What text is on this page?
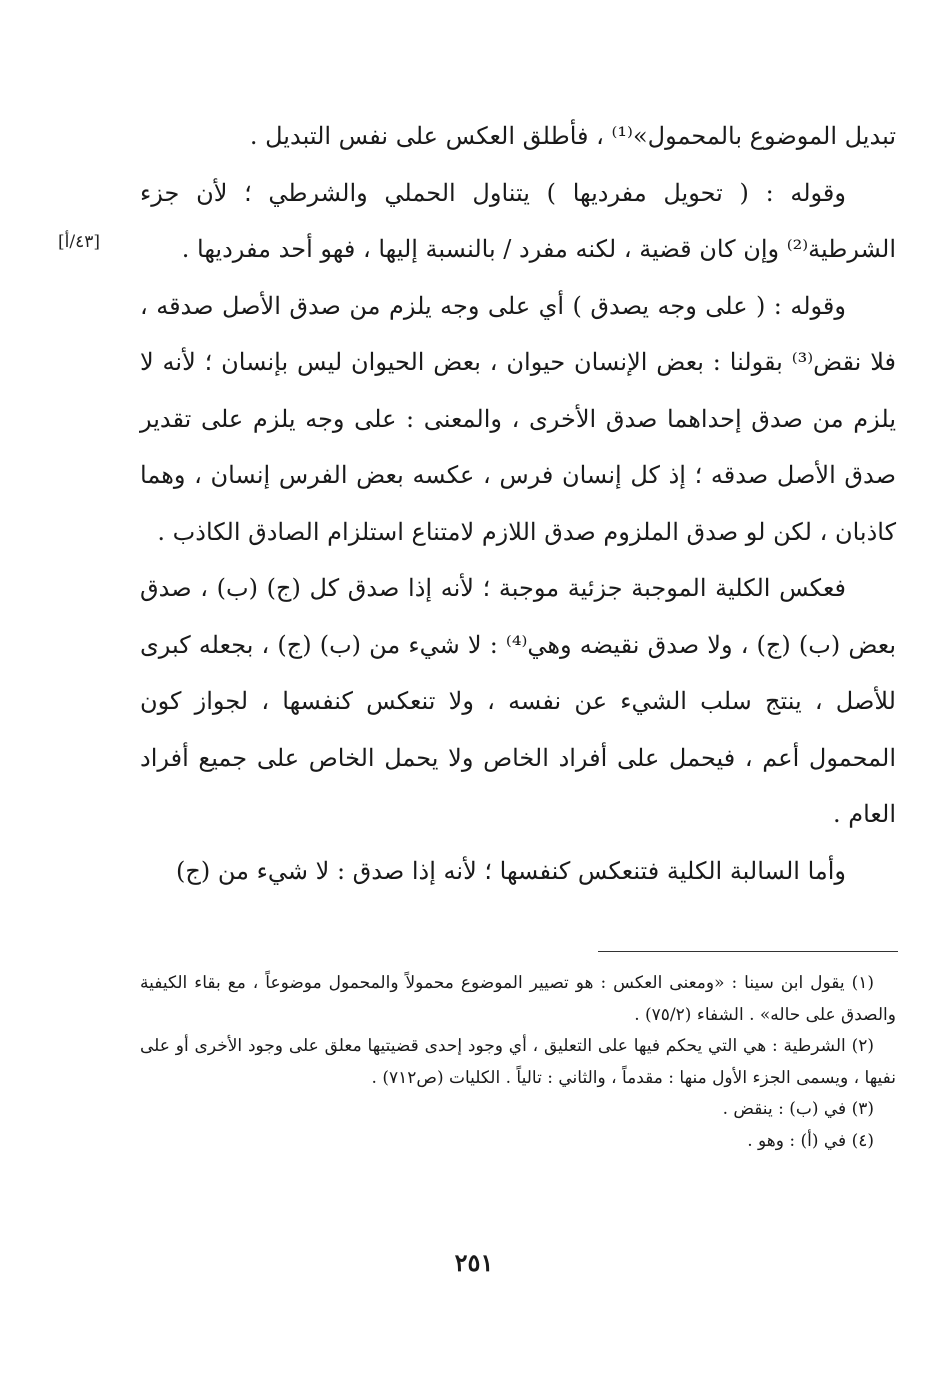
تبديل الموضوع بالمحمول»⁽¹⁾ ، فأطلق العكس على نفس التبديل .

وقوله : ( تحويل مفرديها ) يتناول الحملي والشرطي ؛ لأن جزء الشرطية⁽²⁾ وإن كان قضية ، لكنه مفرد / بالنسبة إليها ، فهو أحد مفرديها .

وقوله : ( على وجه يصدق ) أي على وجه يلزم من صدق الأصل صدقه ، فلا نقض⁽³⁾ بقولنا : بعض الإنسان حيوان ، بعض الحيوان ليس بإنسان ؛ لأنه لا يلزم من صدق إحداهما صدق الأخرى ، والمعنى : على وجه يلزم على تقدير صدق الأصل صدقه ؛ إذ كل إنسان فرس ، عكسه بعض الفرس إنسان ، وهما كاذبان ، لكن لو صدق الملزوم صدق اللازم لامتناع استلزام الصادق الكاذب .

فعكس الكلية الموجبة جزئية موجبة ؛ لأنه إذا صدق كل (ج) (ب) ، صدق بعض (ب) (ج) ، ولا صدق نقيضه وهي⁽⁴⁾ : لا شيء من (ب) (ج) ، بجعله كبرى للأصل ، ينتج سلب الشيء عن نفسه ، ولا تنعكس كنفسها ، لجواز كون المحمول أعم ، فيحمل على أفراد الخاص ولا يحمل الخاص على جميع أفراد العام .

وأما السالبة الكلية فتنعكس كنفسها ؛ لأنه إذا صدق : لا شيء من (ج)

[٤٣/أ]

(١) يقول ابن سينا : «ومعنى العكس : هو تصيير الموضوع محمولاً والمحمول موضوعاً ، مع بقاء الكيفية والصدق على حاله» . الشفاء (٧٥/٢) .

(٢) الشرطية : هي التي يحكم فيها على التعليق ، أي وجود إحدى قضيتيها معلق على وجود الأخرى أو على نفيها ، ويسمى الجزء الأول منها : مقدماً ، والثاني : تالياً . الكليات (ص٧١٢) .

(٣) في (ب) : ينقض .

(٤) في (أ) : وهو .

٢٥١
